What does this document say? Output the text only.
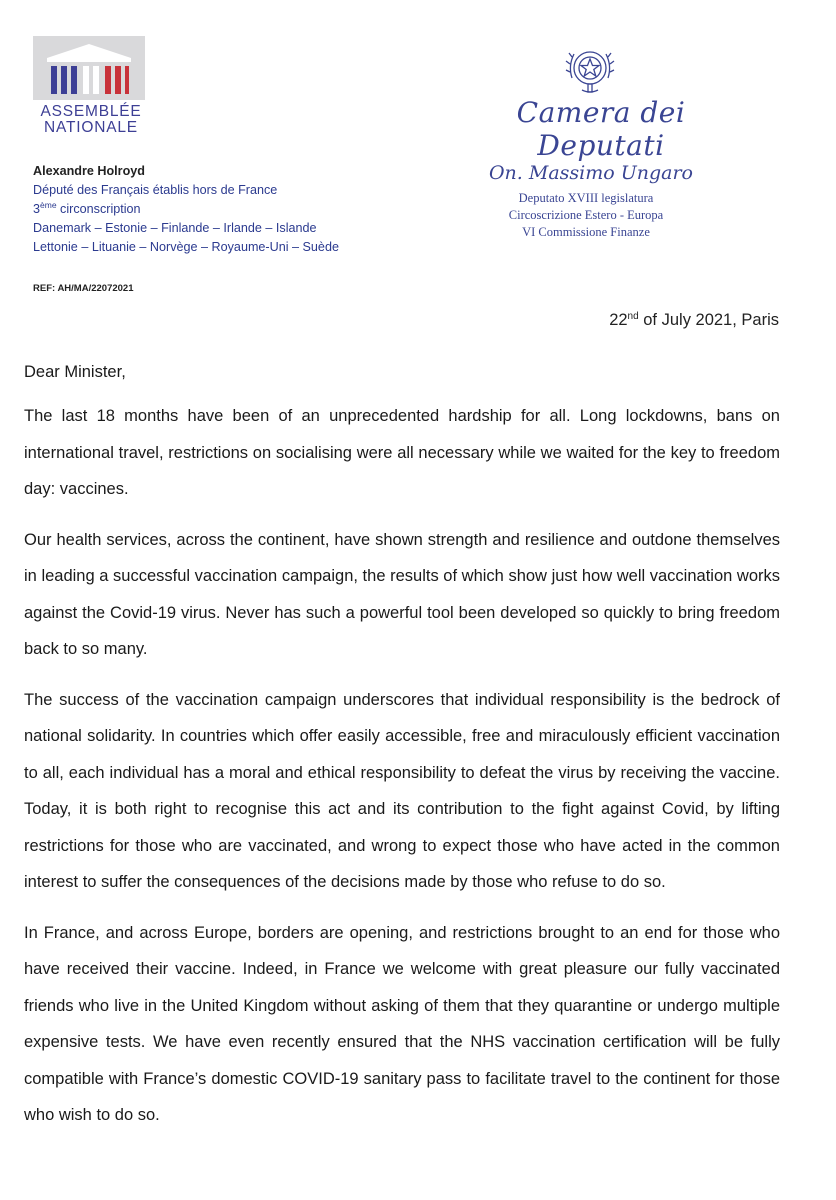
ASSEMBLÉE
NATIONALE
Alexandre Holroyd
Député des Français établis hors de France
3ème circonscription
Danemark – Estonie – Finlande – Irlande – Islande
Lettonie – Lituanie – Norvège – Royaume-Uni – Suède
REF: AH/MA/22072021
Camera dei Deputati
On. Massimo Ungaro
Deputato XVIII legislatura
Circoscrizione Estero - Europa
VI Commissione Finanze
22nd of July 2021, Paris
Dear Minister,

The last 18 months have been of an unprecedented hardship for all. Long lockdowns, bans on international travel, restrictions on socialising were all necessary while we waited for the key to freedom day: vaccines.

Our health services, across the continent, have shown strength and resilience and outdone themselves in leading a successful vaccination campaign, the results of which show just how well vaccination works against the Covid-19 virus. Never has such a powerful tool been developed so quickly to bring freedom back to so many.

The success of the vaccination campaign underscores that individual responsibility is the bedrock of national solidarity. In countries which offer easily accessible, free and miraculously efficient vaccination to all, each individual has a moral and ethical responsibility to defeat the virus by receiving the vaccine. Today, it is both right to recognise this act and its contribution to the fight against Covid, by lifting restrictions for those who are vaccinated, and wrong to expect those who have acted in the common interest to suffer the consequences of the decisions made by those who refuse to do so.

In France, and across Europe, borders are opening, and restrictions brought to an end for those who have received their vaccine. Indeed, in France we welcome with great pleasure our fully vaccinated friends who live in the United Kingdom without asking of them that they quarantine or undergo multiple expensive tests. We have even recently ensured that the NHS vaccination certification will be fully compatible with France’s domestic COVID-19 sanitary pass to facilitate travel to the continent for those who wish to do so.
